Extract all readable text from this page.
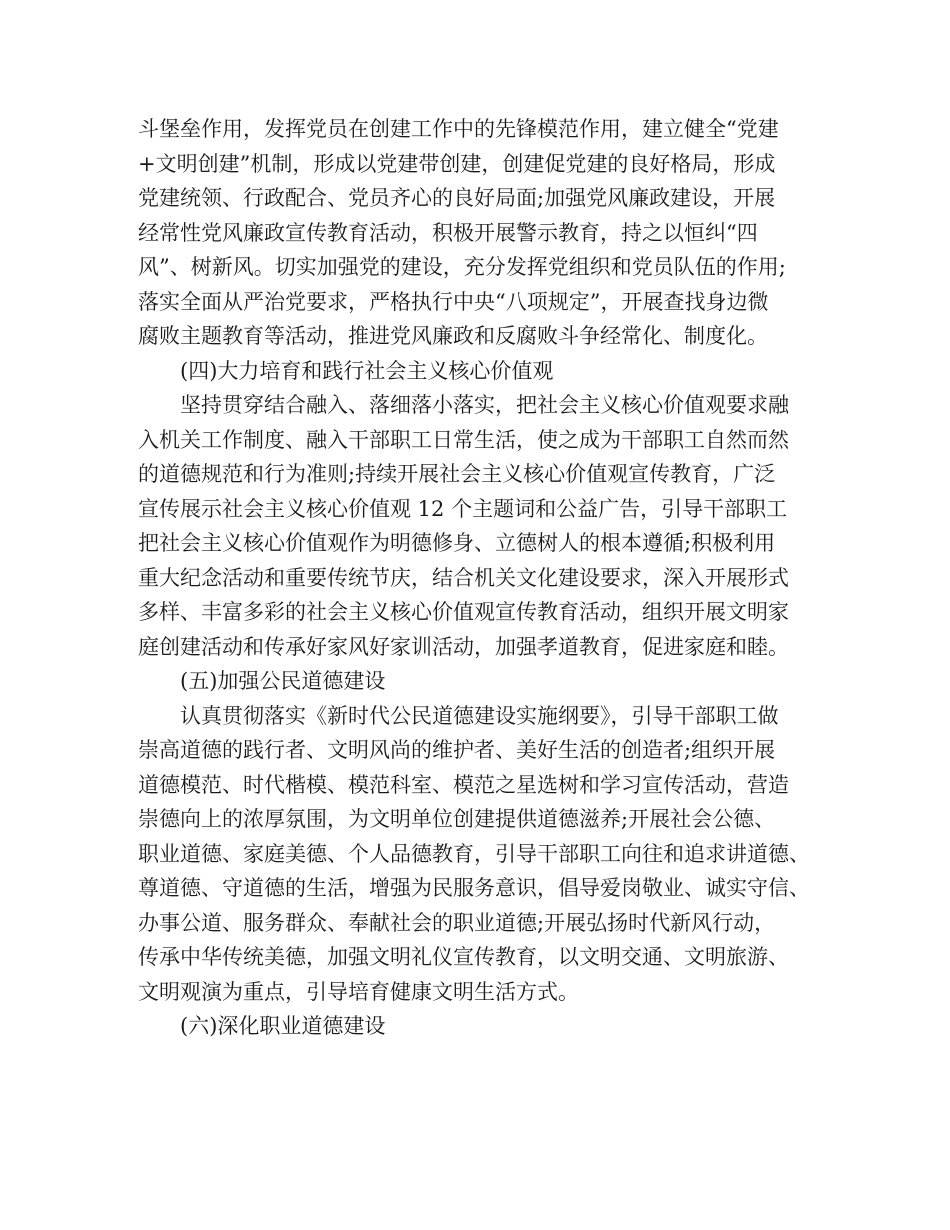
斗堡垒作用，发挥党员在创建工作中的先锋模范作用，建立健全“党建
+文明创建”机制，形成以党建带创建，创建促党建的良好格局，形成
党建统领、行政配合、党员齐心的良好局面;加强党风廉政建设，开展
经常性党风廉政宣传教育活动，积极开展警示教育，持之以恒纠“四
风”、树新风。切实加强党的建设，充分发挥党组织和党员队伍的作用;
落实全面从严治党要求，严格执行中央“八项规定”，开展查找身边微
腐败主题教育等活动，推进党风廉政和反腐败斗争经常化、制度化。
(四)大力培育和践行社会主义核心价值观
坚持贯穿结合融入、落细落小落实，把社会主义核心价值观要求融
入机关工作制度、融入干部职工日常生活，使之成为干部职工自然而然
的道德规范和行为准则;持续开展社会主义核心价值观宣传教育，广泛
宣传展示社会主义核心价值观 12 个主题词和公益广告，引导干部职工
把社会主义核心价值观作为明德修身、立德树人的根本遵循;积极利用
重大纪念活动和重要传统节庆，结合机关文化建设要求，深入开展形式
多样、丰富多彩的社会主义核心价值观宣传教育活动，组织开展文明家
庭创建活动和传承好家风好家训活动，加强孝道教育，促进家庭和睦。
(五)加强公民道德建设
认真贯彻落实《新时代公民道德建设实施纲要》，引导干部职工做
崇高道德的践行者、文明风尚的维护者、美好生活的创造者;组织开展
道德模范、时代楷模、模范科室、模范之星选树和学习宣传活动，营造
崇德向上的浓厚氛围，为文明单位创建提供道德滋养;开展社会公德、
职业道德、家庭美德、个人品德教育，引导干部职工向往和追求讲道德、
尊道德、守道德的生活，增强为民服务意识，倡导爱岗敬业、诚实守信、
办事公道、服务群众、奉献社会的职业道德;开展弘扬时代新风行动，
传承中华传统美德，加强文明礼仪宣传教育，以文明交通、文明旅游、
文明观演为重点，引导培育健康文明生活方式。
(六)深化职业道德建设
